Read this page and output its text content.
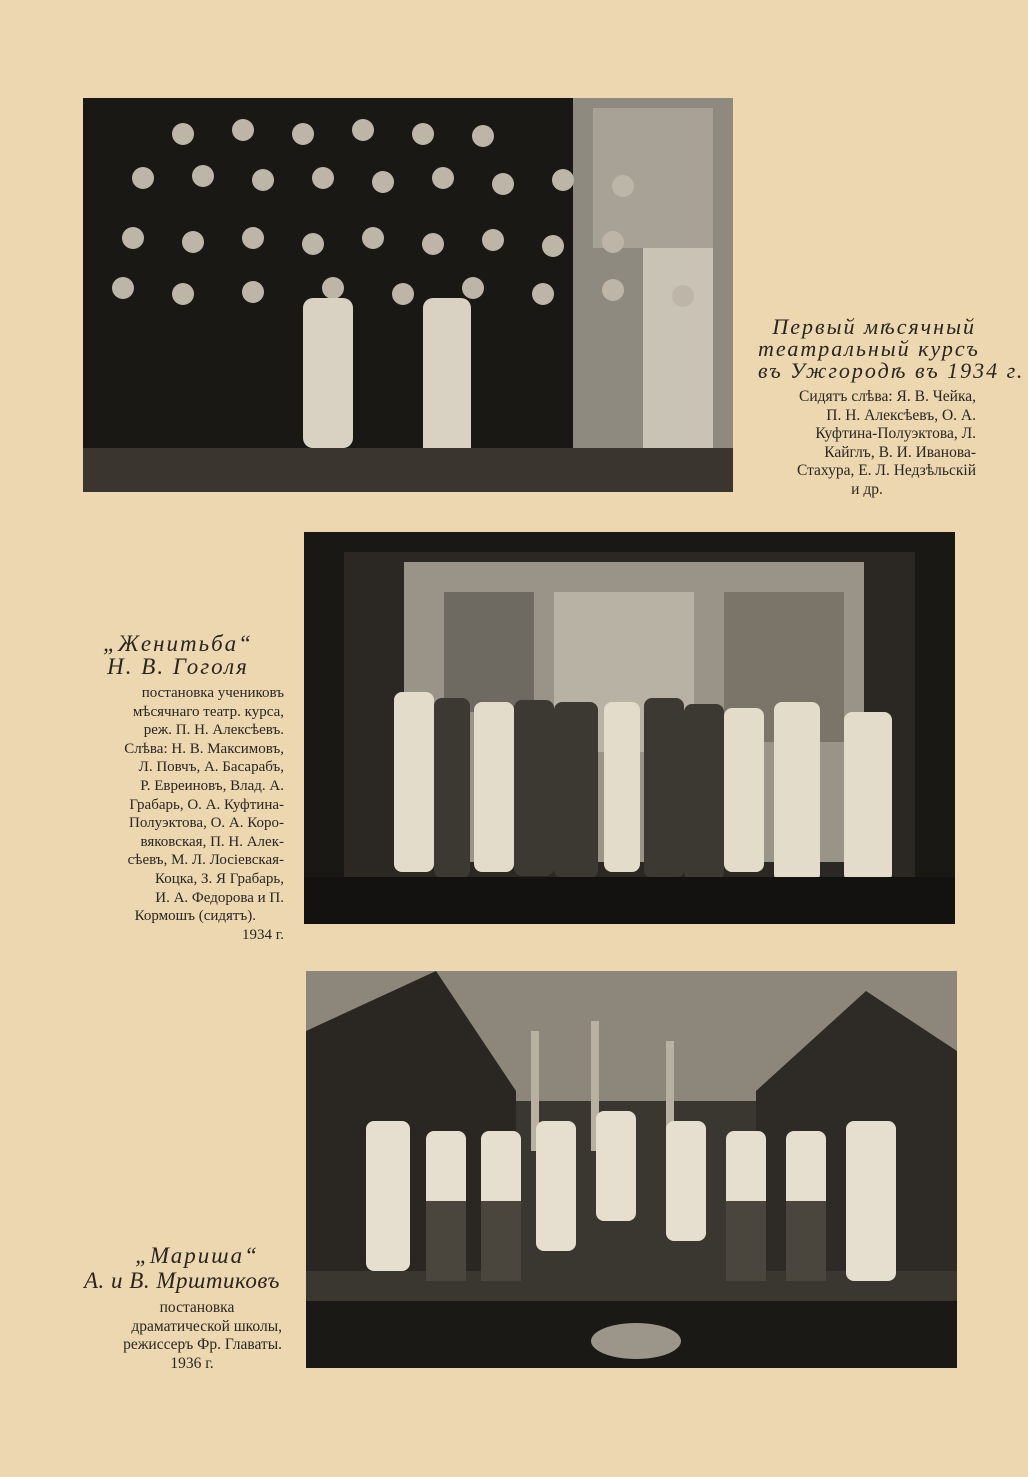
Первый мѣсячный
театральный курсъ
въ Ужгородѣ въ 1934 г.
Сидятъ слѣва: Я. В. Чейка,
П. Н. Алексѣевъ, О. А.
Куфтина-Полуэктова, Л.
Кайглъ, В. И. Иванова-
Стахура, Е. Л. Недзѣльскій
и др.
„Женитьба“
Н. В. Гоголя
постановка учениковъ
мѣсячнаго театр. курса,
реж. П. Н. Алексѣевъ.
Слѣва: Н. В. Максимовъ,
Л. Повчъ, А. Басарабъ,
Р. Евреиновъ, Влад. А.
Грабарь, О. А. Куфтина-
Полуэктова, О. А. Коро-
вяковская, П. Н. Алек-
сѣевъ, М. Л. Лосіевская-
Коцка, З. Я Грабарь,
И. А. Федорова и П.
Кормошъ (сидятъ).
1934 г.
„Мариша“
А. и В. Мрштиковъ
постановка
драматической школы,
режиссеръ Фр. Главаты.
1936 г.
